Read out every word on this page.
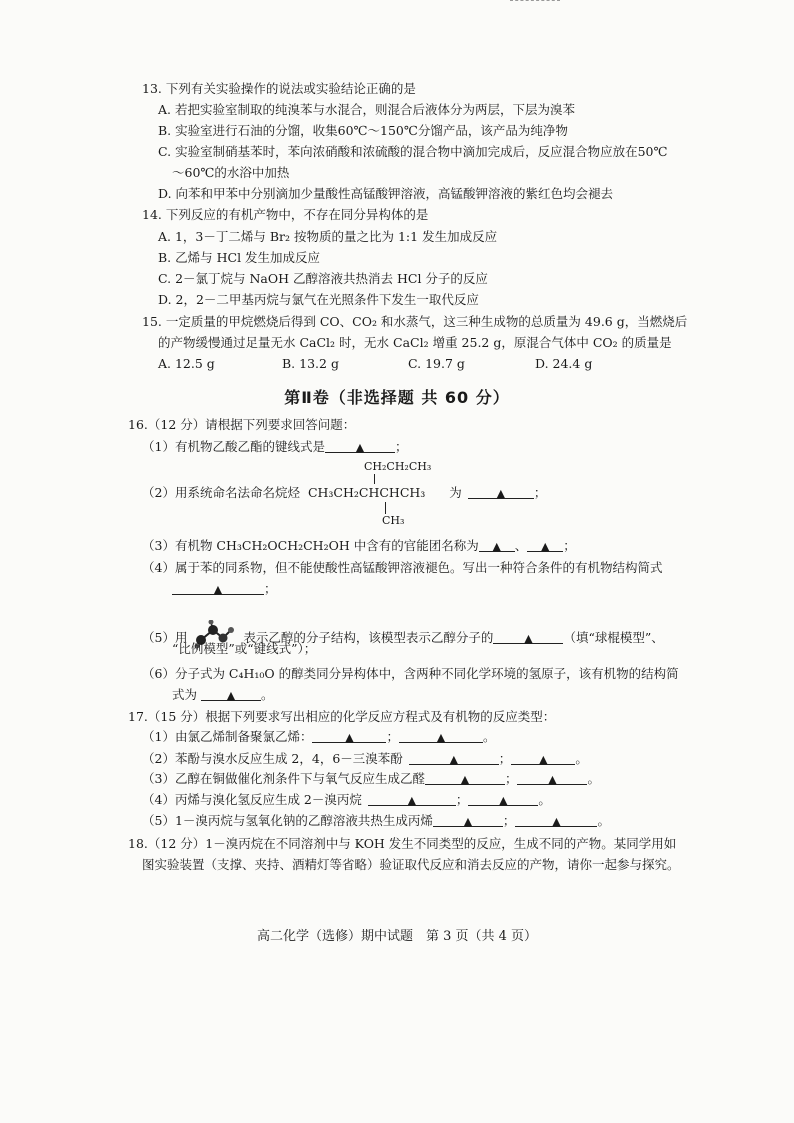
13. 下列有关实验操作的说法或实验结论正确的是
A. 若把实验室制取的纯溴苯与水混合，则混合后液体分为两层，下层为溴苯
B. 实验室进行石油的分馏，收集60℃～150℃分馏产品，该产品为纯净物
C. 实验室制硝基苯时，苯向浓硝酸和浓硫酸的混合物中滴加完成后，反应混合物应放在50℃
～60℃的水浴中加热
D. 向苯和甲苯中分别滴加少量酸性高锰酸钾溶液，高锰酸钾溶液的紫红色均会褪去
14. 下列反应的有机产物中，不存在同分异构体的是
A. 1，3－丁二烯与 Br₂ 按物质的量之比为 1:1 发生加成反应
B. 乙烯与 HCl 发生加成反应
C. 2－氯丁烷与 NaOH 乙醇溶液共热消去 HCl 分子的反应
D. 2，2－二甲基丙烷与氯气在光照条件下发生一取代反应
15. 一定质量的甲烷燃烧后得到 CO、CO₂ 和水蒸气，这三种生成物的总质量为 49.6 g，当燃烧后
的产物缓慢通过足量无水 CaCl₂ 时，无水 CaCl₂ 增重 25.2 g，原混合气体中 CO₂ 的质量是
A. 12.5 g	B. 13.2 g	C. 19.7 g	D. 24.4 g
第Ⅱ卷（非选择题 共 60 分）
16.（12 分）请根据下列要求回答问题：
（1）有机物乙酸乙酯的键线式是	▲ ；
CH₂CH₂CH₃
（2）用系统命名法命名烷烃 CH₃CH₂CHCHCH₃ 为	▲ ；
CH₃
（3）有机物 CH₃CH₂OCH₂CH₂OH 中含有的官能团名称为 ▲ 、 ▲ ；
（4）属于苯的同系物，但不能使酸性高锰酸钾溶液褪色。写出一种符合条件的有机物结构简式
▲	；
（5）用	表示乙醇的分子结构，该模型表示乙醇分子的	▲ （填“球棍模型”、
“比例模型”或“键线式”）；
（6）分子式为 C₄H₁₀O 的醇类同分异构体中，含两种不同化学环境的氢原子，该有机物的结构简
式为	▲ 。
17.（15 分）根据下列要求写出相应的化学反应方程式及有机物的反应类型：
（1）由氯乙烯制备聚氯乙烯：	▲	；	▲	。
（2）苯酚与溴水反应生成 2，4，6－三溴苯酚	▲	；	▲ 。
（3）乙醇在铜做催化剂条件下与氧气反应生成乙醛	▲	；	▲ 。
（4）丙烯与溴化氢反应生成 2－溴丙烷	▲	；	▲ 。
（5）1－溴丙烷与氢氧化钠的乙醇溶液共热生成丙烯	▲ ；	▲	。
18.（12 分）1－溴丙烷在不同溶剂中与 KOH 发生不同类型的反应，生成不同的产物。某同学用如
图实验装置（支撑、夹持、酒精灯等省略）验证取代反应和消去反应的产物，请你一起参与探究。
高二化学（选修）期中试题　第 3 页（共 4 页）
